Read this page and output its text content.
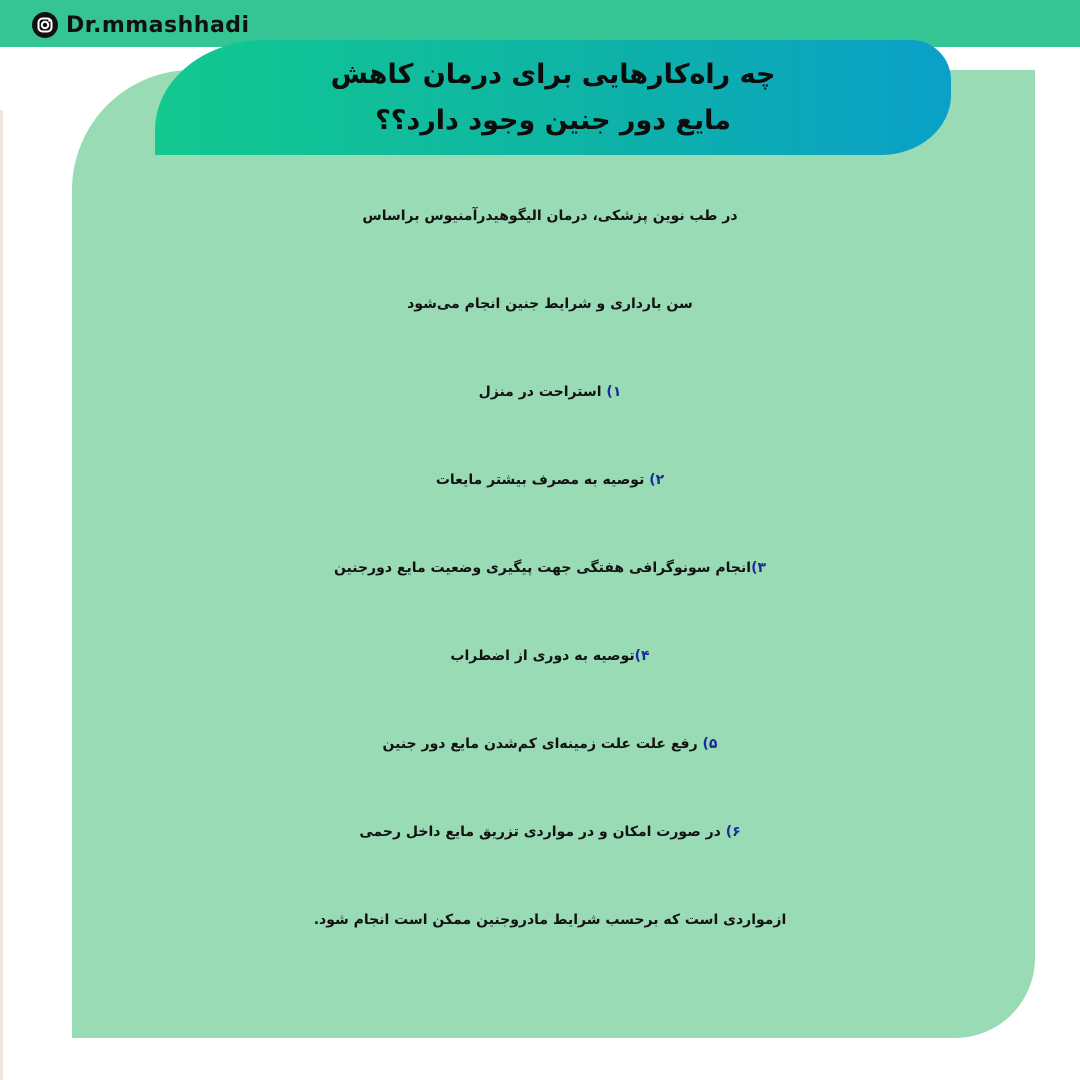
Dr.mmashhadi
چه راه‌کارهایی برای درمان کاهش
مایع دور جنین وجود دارد؟؟
در طب نوین پزشکی، درمان الیگوهیدرآمنیوس براساس
سن بارداری و شرایط جنین انجام می‌شود
۱) استراحت در منزل
۲) توصیه به مصرف بیشتر مایعات
۳)انجام سونوگرافی هفتگی جهت پیگیری وضعیت مایع دورجنین
۴)توصیه به دوری از اضطراب
۵) رفع علت علت زمینه‌ای کم‌شدن مایع دور جنین
۶) در صورت امکان و در مواردی تزریق مایع داخل رحمی
ازمواردی است که برحسب شرایط مادروجنین ممکن است انجام شود.
